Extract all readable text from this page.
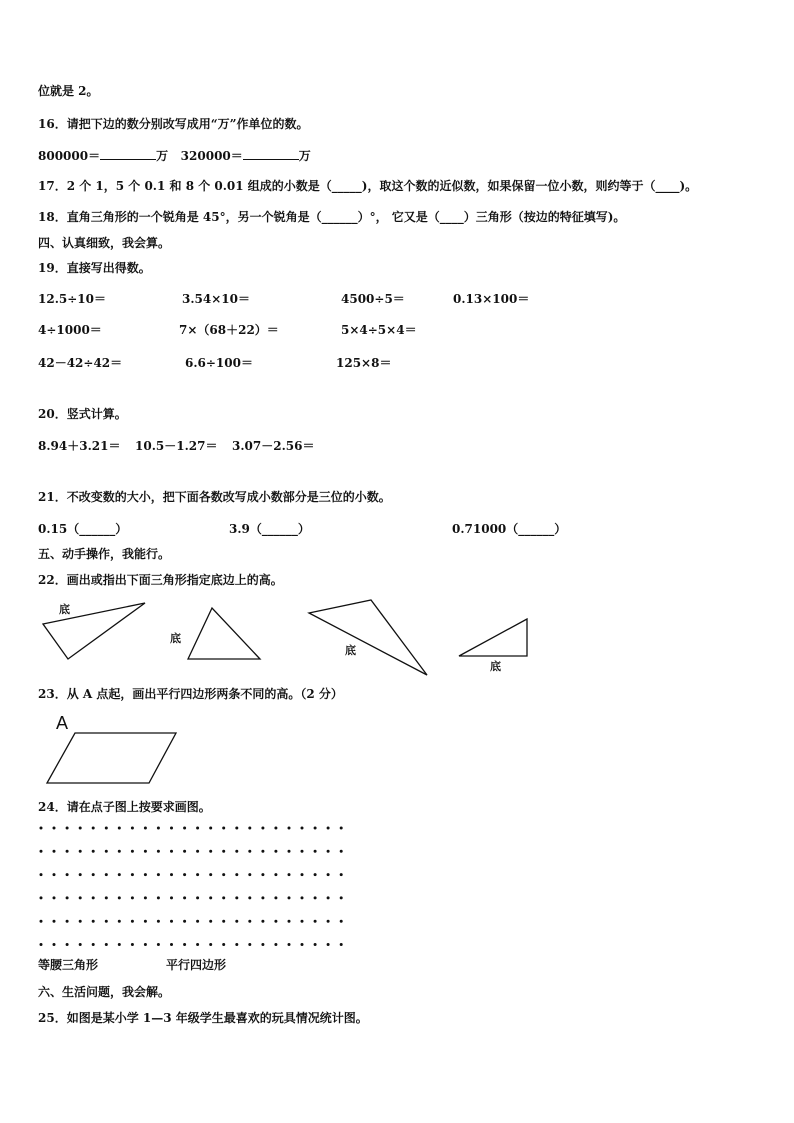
位就是 2。
16．请把下边的数分别改写成用“万”作单位的数。
800000＝	万 320000＝	万
17．2 个 1，5 个 0.1 和 8 个 0.01 组成的小数是（_____)，取这个数的近似数，如果保留一位小数，则约等于（____)。
18．直角三角形的一个锐角是 45°，另一个锐角是（______）°， 它又是（____）三角形（按边的特征填写)。
四、认真细致，我会算。
19．直接写出得数。
12.5÷10＝	3.54×10＝	4500÷5＝	0.13×100＝
4÷1000＝	7×（68＋22）＝	5×4÷5×4＝
42－42÷42＝	6.6÷100＝	125×8＝
20．竖式计算。
8.94＋3.21＝ 10.5－1.27＝ 3.07－2.56＝
21．不改变数的大小，把下面各数改写成小数部分是三位的小数。
0.15（______）	3.9（______）	0.71000（______）
五、动手操作，我能行。
22．画出或指出下面三角形指定底边上的高。
底
底
底
底
23．从 A 点起，画出平行四边形两条不同的高。（2 分）
A
24．请在点子图上按要求画图。
等腰三角形	平行四边形
六、生活问题，我会解。
25．如图是某小学 1—3 年级学生最喜欢的玩具情况统计图。
